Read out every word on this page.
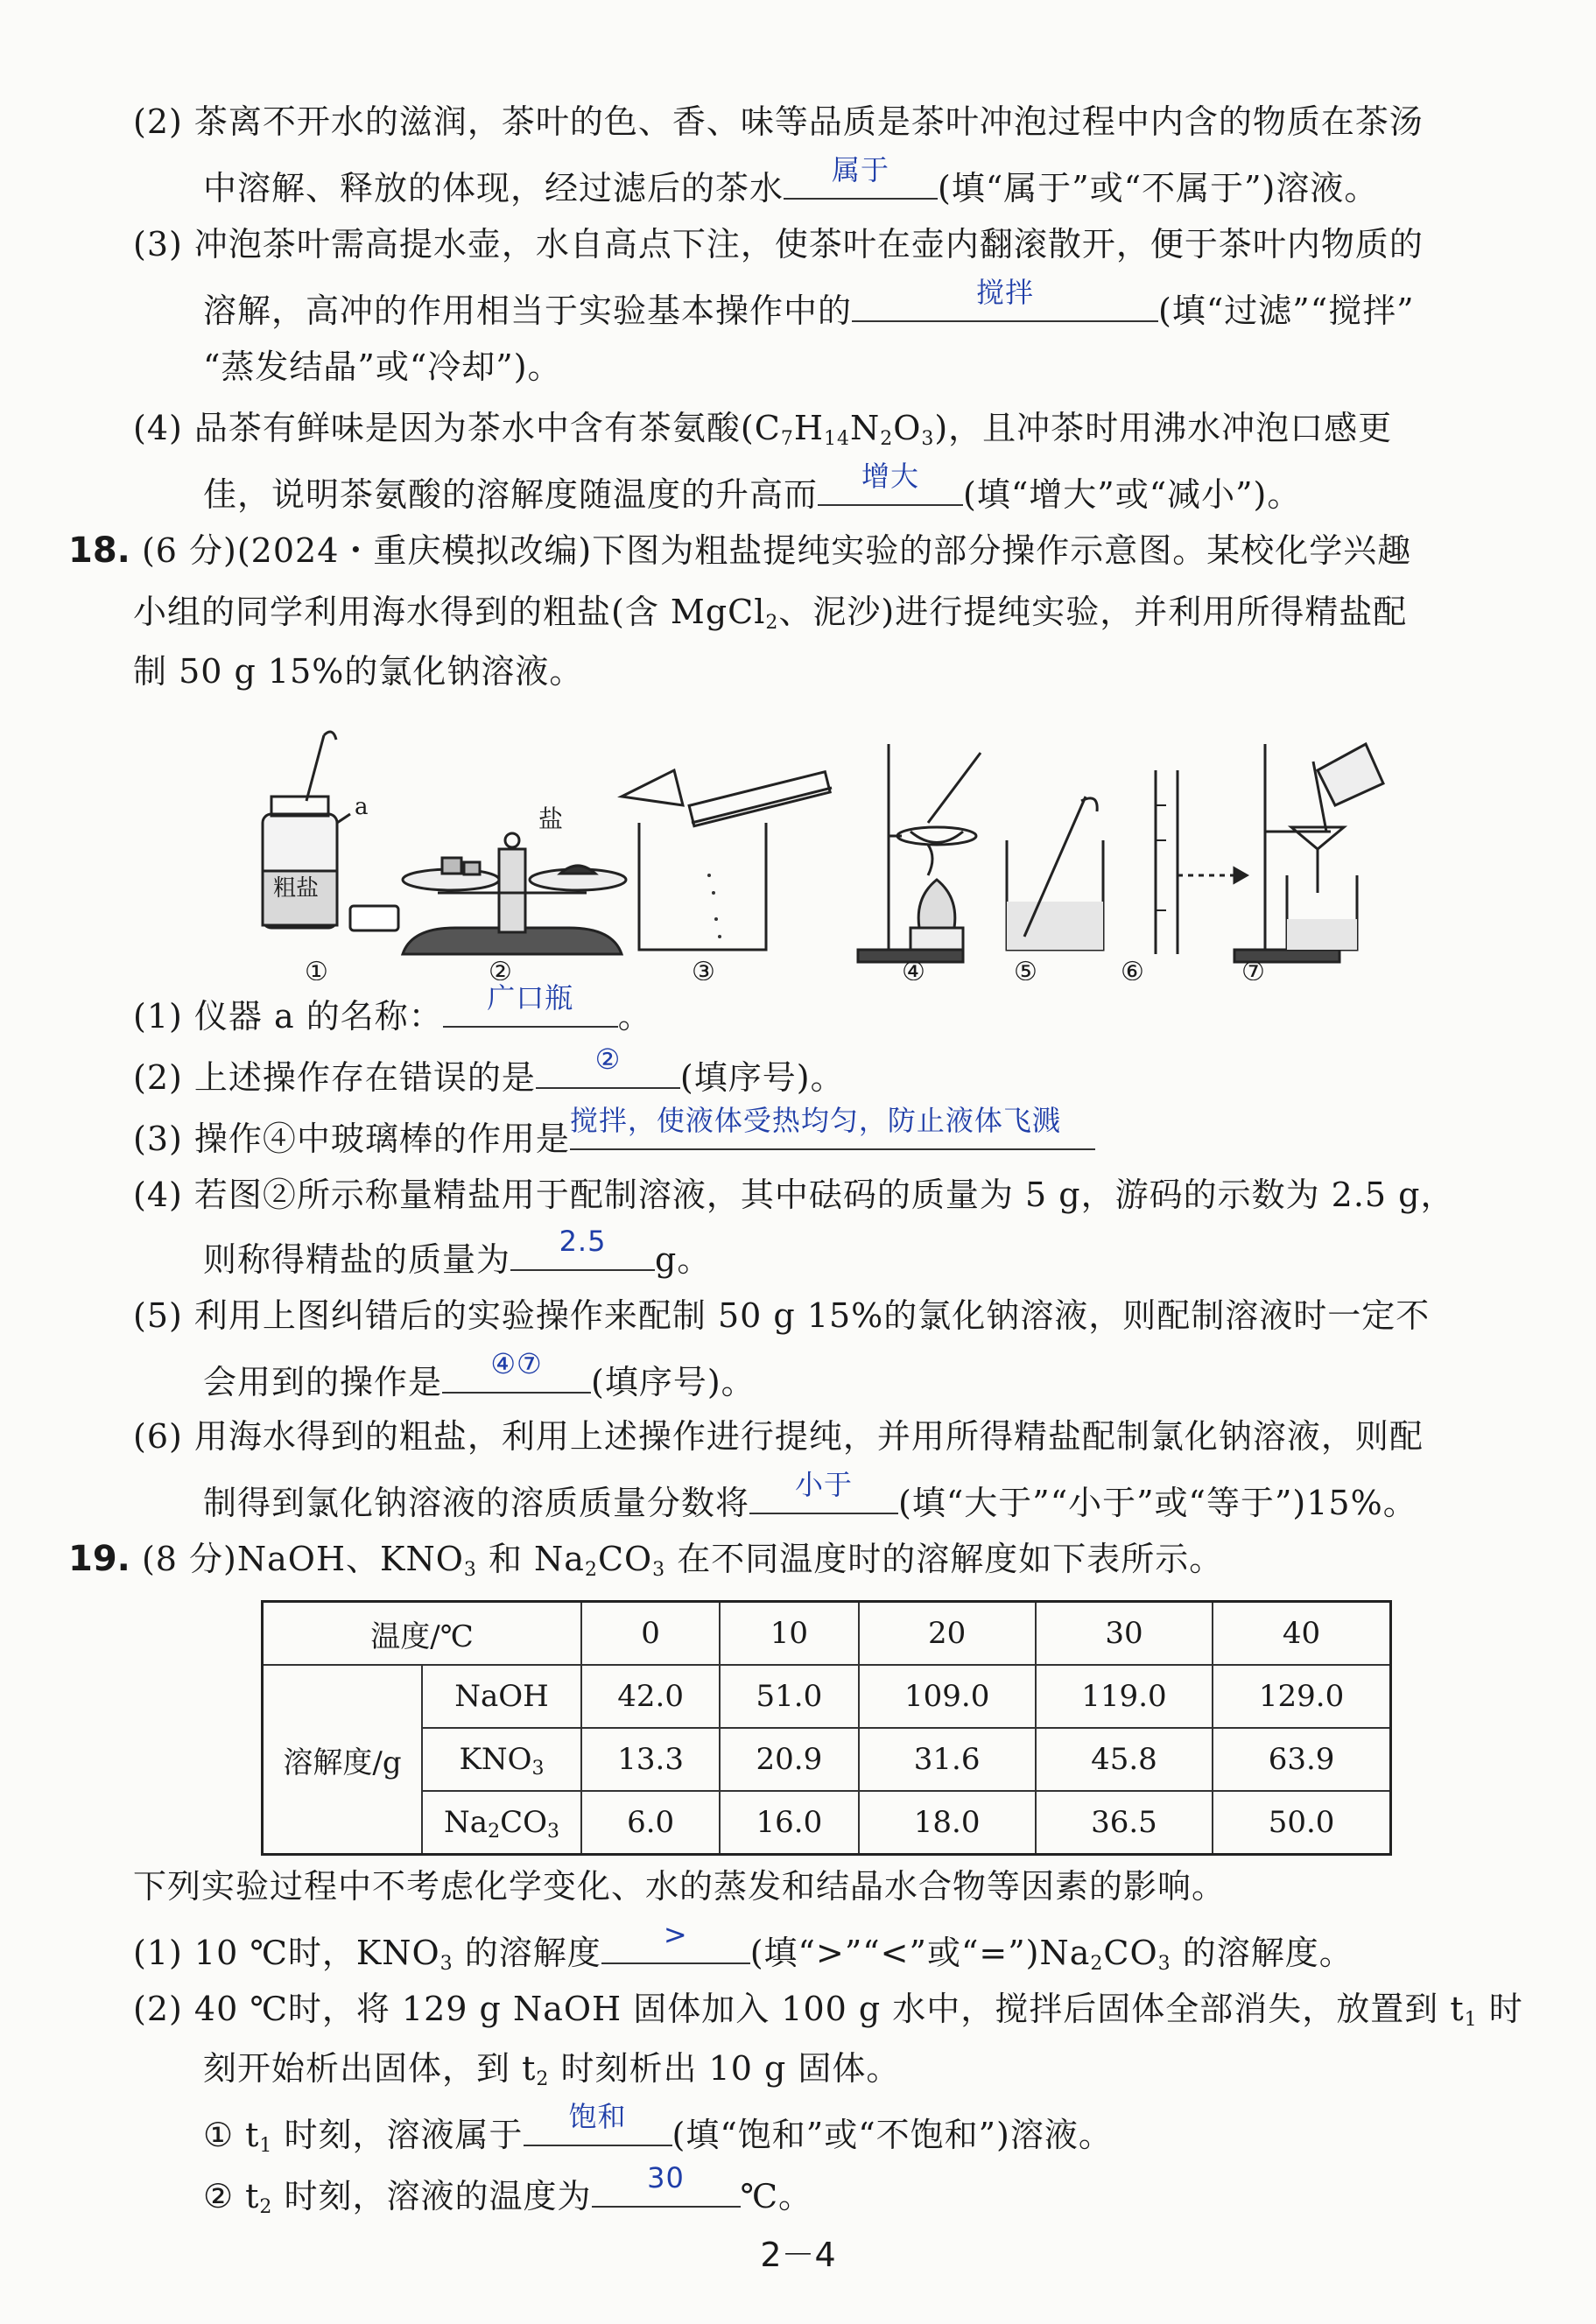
(2) 茶离不开水的滋润，茶叶的色、香、味等品质是茶叶冲泡过程中内含的物质在茶汤
中溶解、释放的体现，经过滤后的茶水	属于	(填“属于”或“不属于”)溶液。
(3) 冲泡茶叶需高提水壶，水自高点下注，使茶叶在壶内翻滚散开，便于茶叶内物质的
溶解，高冲的作用相当于实验基本操作中的	搅拌	(填“过滤”“搅拌”
“蒸发结晶”或“冷却”)。
(4) 品茶有鲜味是因为茶水中含有茶氨酸$(C_7H_{14}N_2O_3)$，且冲茶时用沸水冲泡口感更
佳，说明茶氨酸的溶解度随温度的升高而	增大	(填“增大”或“减小”)。
18. (6 分)(2024・重庆模拟改编)下图为粗盐提纯实验的部分操作示意图。某校化学兴趣
小组的同学利用海水得到的粗盐(含 MgCl$_2$、泥沙)进行提纯实验，并利用所得精盐配
制 50 g 15%的氯化钠溶液。
粗盐
a	盐
①	②	③	④	⑤	⑥	⑦
(1) 仪器 a 的名称：	广口瓶	。
(2) 上述操作存在错误的是	②	(填序号)。
(3) 操作④中玻璃棒的作用是 搅拌，使液体受热均匀，防止液体飞溅
(4) 若图②所示称量精盐用于配制溶液，其中砝码的质量为 5 g，游码的示数为 2.5 g，
则称得精盐的质量为	2.5	g。
(5) 利用上图纠错后的实验操作来配制 50 g 15%的氯化钠溶液，则配制溶液时一定不
会用到的操作是	④⑦	(填序号)。
(6) 用海水得到的粗盐，利用上述操作进行提纯，并用所得精盐配制氯化钠溶液，则配
制得到氯化钠溶液的溶质质量分数将	小于	(填“大于”“小于”或“等于”)15%。
19. (8 分)NaOH、$KNO_3$ 和 $Na_2CO_3$ 在不同温度时的溶解度如下表所示。
温度/℃		0	10	20	30	40
溶解度/g	NaOH	42.0	51.0	109.0	119.0	129.0
	$KNO_3$	13.3	20.9	31.6	45.8	63.9
	$Na_2CO_3$	6.0	16.0	18.0	36.5	50.0
下列实验过程中不考虑化学变化、水的蒸发和结晶水合物等因素的影响。
(1) 10 ℃时，$KNO_3$ 的溶解度	>	(填“>”“<”或“$=”)Na_2CO_3$ 的溶解度。
(2) 40 ℃时，将 129 g NaOH 固体加入 100 g 水中，搅拌后固体全部消失，放置到 $t_1$ 时
刻开始析出固体，到 $t_2$ 时刻析出 10 g 固体。
① $t_1$ 时刻，溶液属于	饱和	(填“饱和”或“不饱和”)溶液。
② $t_2$ 时刻，溶液的温度为	30	℃。
2－4
